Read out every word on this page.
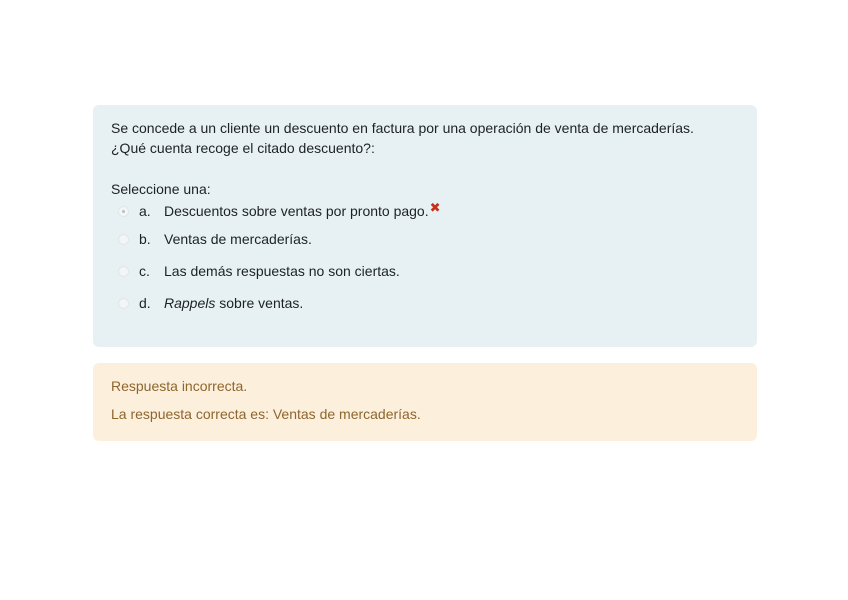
Se concede a un cliente un descuento en factura por una operación de venta de mercaderías.

¿Qué cuenta recoge el citado descuento?:

Seleccione una:
a. Descuentos sobre ventas por pronto pago. ✖
b. Ventas de mercaderías.
c.	Las demás respuestas no son ciertas.
d. Rappels sobre ventas.
Respuesta incorrecta.
La respuesta correcta es: Ventas de mercaderías.
